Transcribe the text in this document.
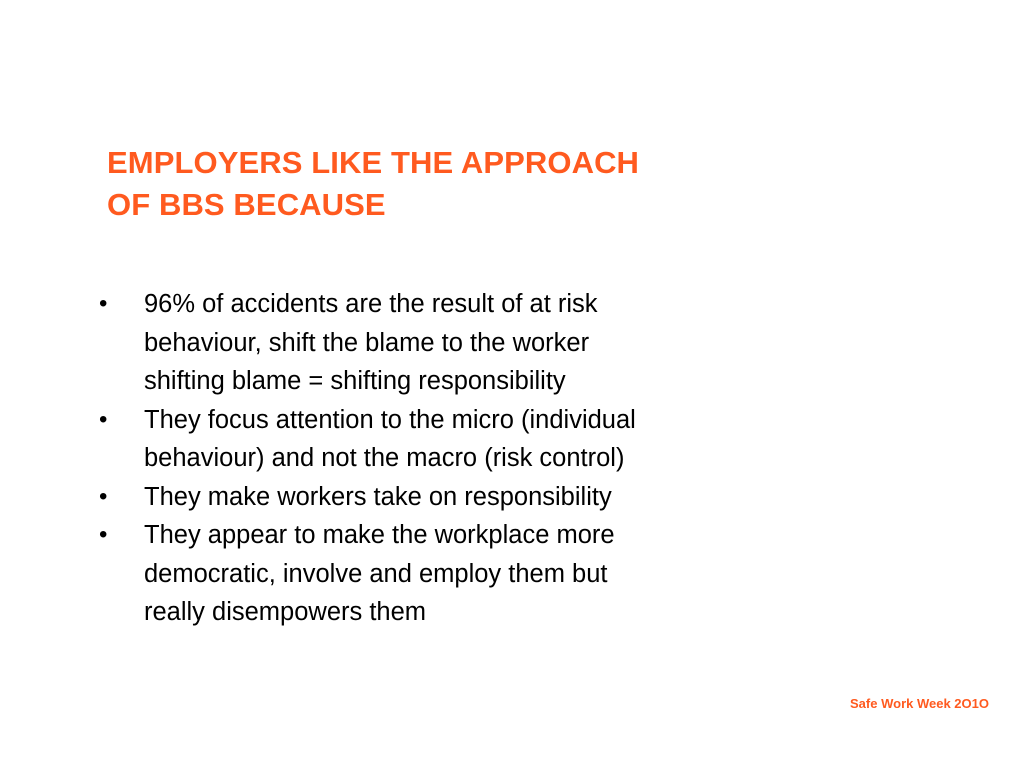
EMPLOYERS LIKE THE APPROACH
OF BBS BECAUSE
• 96% of accidents are the result of at risk
behaviour, shift the blame to the worker
shifting blame = shifting responsibility
• They focus attention to the micro (individual
behaviour) and not the macro (risk control)
• They make workers take on responsibility
• They appear to make the workplace more
democratic, involve and employ them but
really disempowers them
Safe Work Week 2O1O
